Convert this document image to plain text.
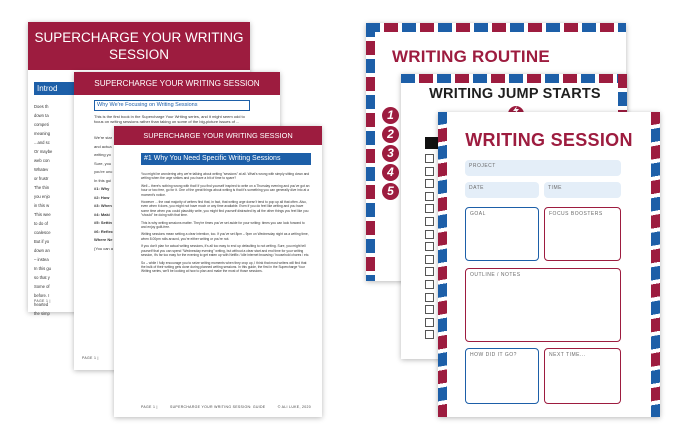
SUPERCHARGE YOUR WRITING SESSION
Introd
Does th
down ta
competi
meaning
...and sc
Or maybe
web con
Whatev
or frustr
The thin
you enjo
in this w
This wee
to do of
coalesce
But if yo
down an
– instea
In this gu
so that y
Some of
before. I
hearted
the simp
PAGE 1 |
SUPERCHARGE YOUR WRITING SESSION
Why We're Focusing on Writing Sessions
This is the first book in the Supercharge Your Writing series, and it might seem odd to focus on writing sessions rather than taking on some of the big-picture issues of ...
We're star
and actua
writing yo
Sure, you
you're unc
In this gui
#1: Why
#2: How
#3: When
#4: Maki
#5: Settin
#6: Reflec
Where Ne
(You can a
PAGE 1 |
SUPERCHARGE YOUR WRITING SESSION
#1 Why You Need Specific Writing Sessions

You might be wondering why we're talking about writing "sessions" at all. What's wrong with simply sitting down and writing when the urge strikes and you have a bit of time to spare?

Well – there's nothing wrong with that! If you find yourself inspired to write on a Thursday evening and you've got an hour or two free, go for it. One of the great things about writing is that it's something you can generally dive into at a moment's notice.

However ... the vast majority of writers find that, in fact, that writing urge doesn't tend to pop up all that often. Also, even when it does, you might not have much or any time available. Even if you do feel like writing and you have some time when you could plausibly write, you might find yourself distracted by all the other things you feel like you "should" be doing with that time.

This is why writing sessions matter. They're times you've set aside for your writing: times you can look forward to and enjoy guilt-free.

Writing sessions mean setting a clear intention, too. If you've set 8pm – 9pm on Wednesday night as a writing time, when 8.00pm rolls around, you're either writing or you're not.

If you don't plan for actual writing sessions, it's all too easy to end up defaulting to not writing. Sure, you might tell yourself that you can spend "Wednesday evening" writing, but without a clear start and end time for your writing session, it's far too easy for the evening to get eaten up with Netflix / idle internet browsing / household chores / etc.

So – while I fully encourage you to seize writing moments when they crop up, I think that most writers will find that the bulk of their writing gets done during planned writing sessions. In this guide, the first in the Supercharge Your Writing series, we'll be looking at how to plan and make the most of those sessions.

PAGE 1 |	SUPERCHARGE YOUR WRITING SESSION: GUIDE	© ALI LUKE, 2020
WRITING ROUTINE
1
2
3
4
5
WRITING JUMP STARTS
WRITING SESSION
PROJECT
DATE	TIME
GOAL	FOCUS BOOSTERS
OUTLINE / NOTES
HOW DID IT GO?	NEXT TIME...
